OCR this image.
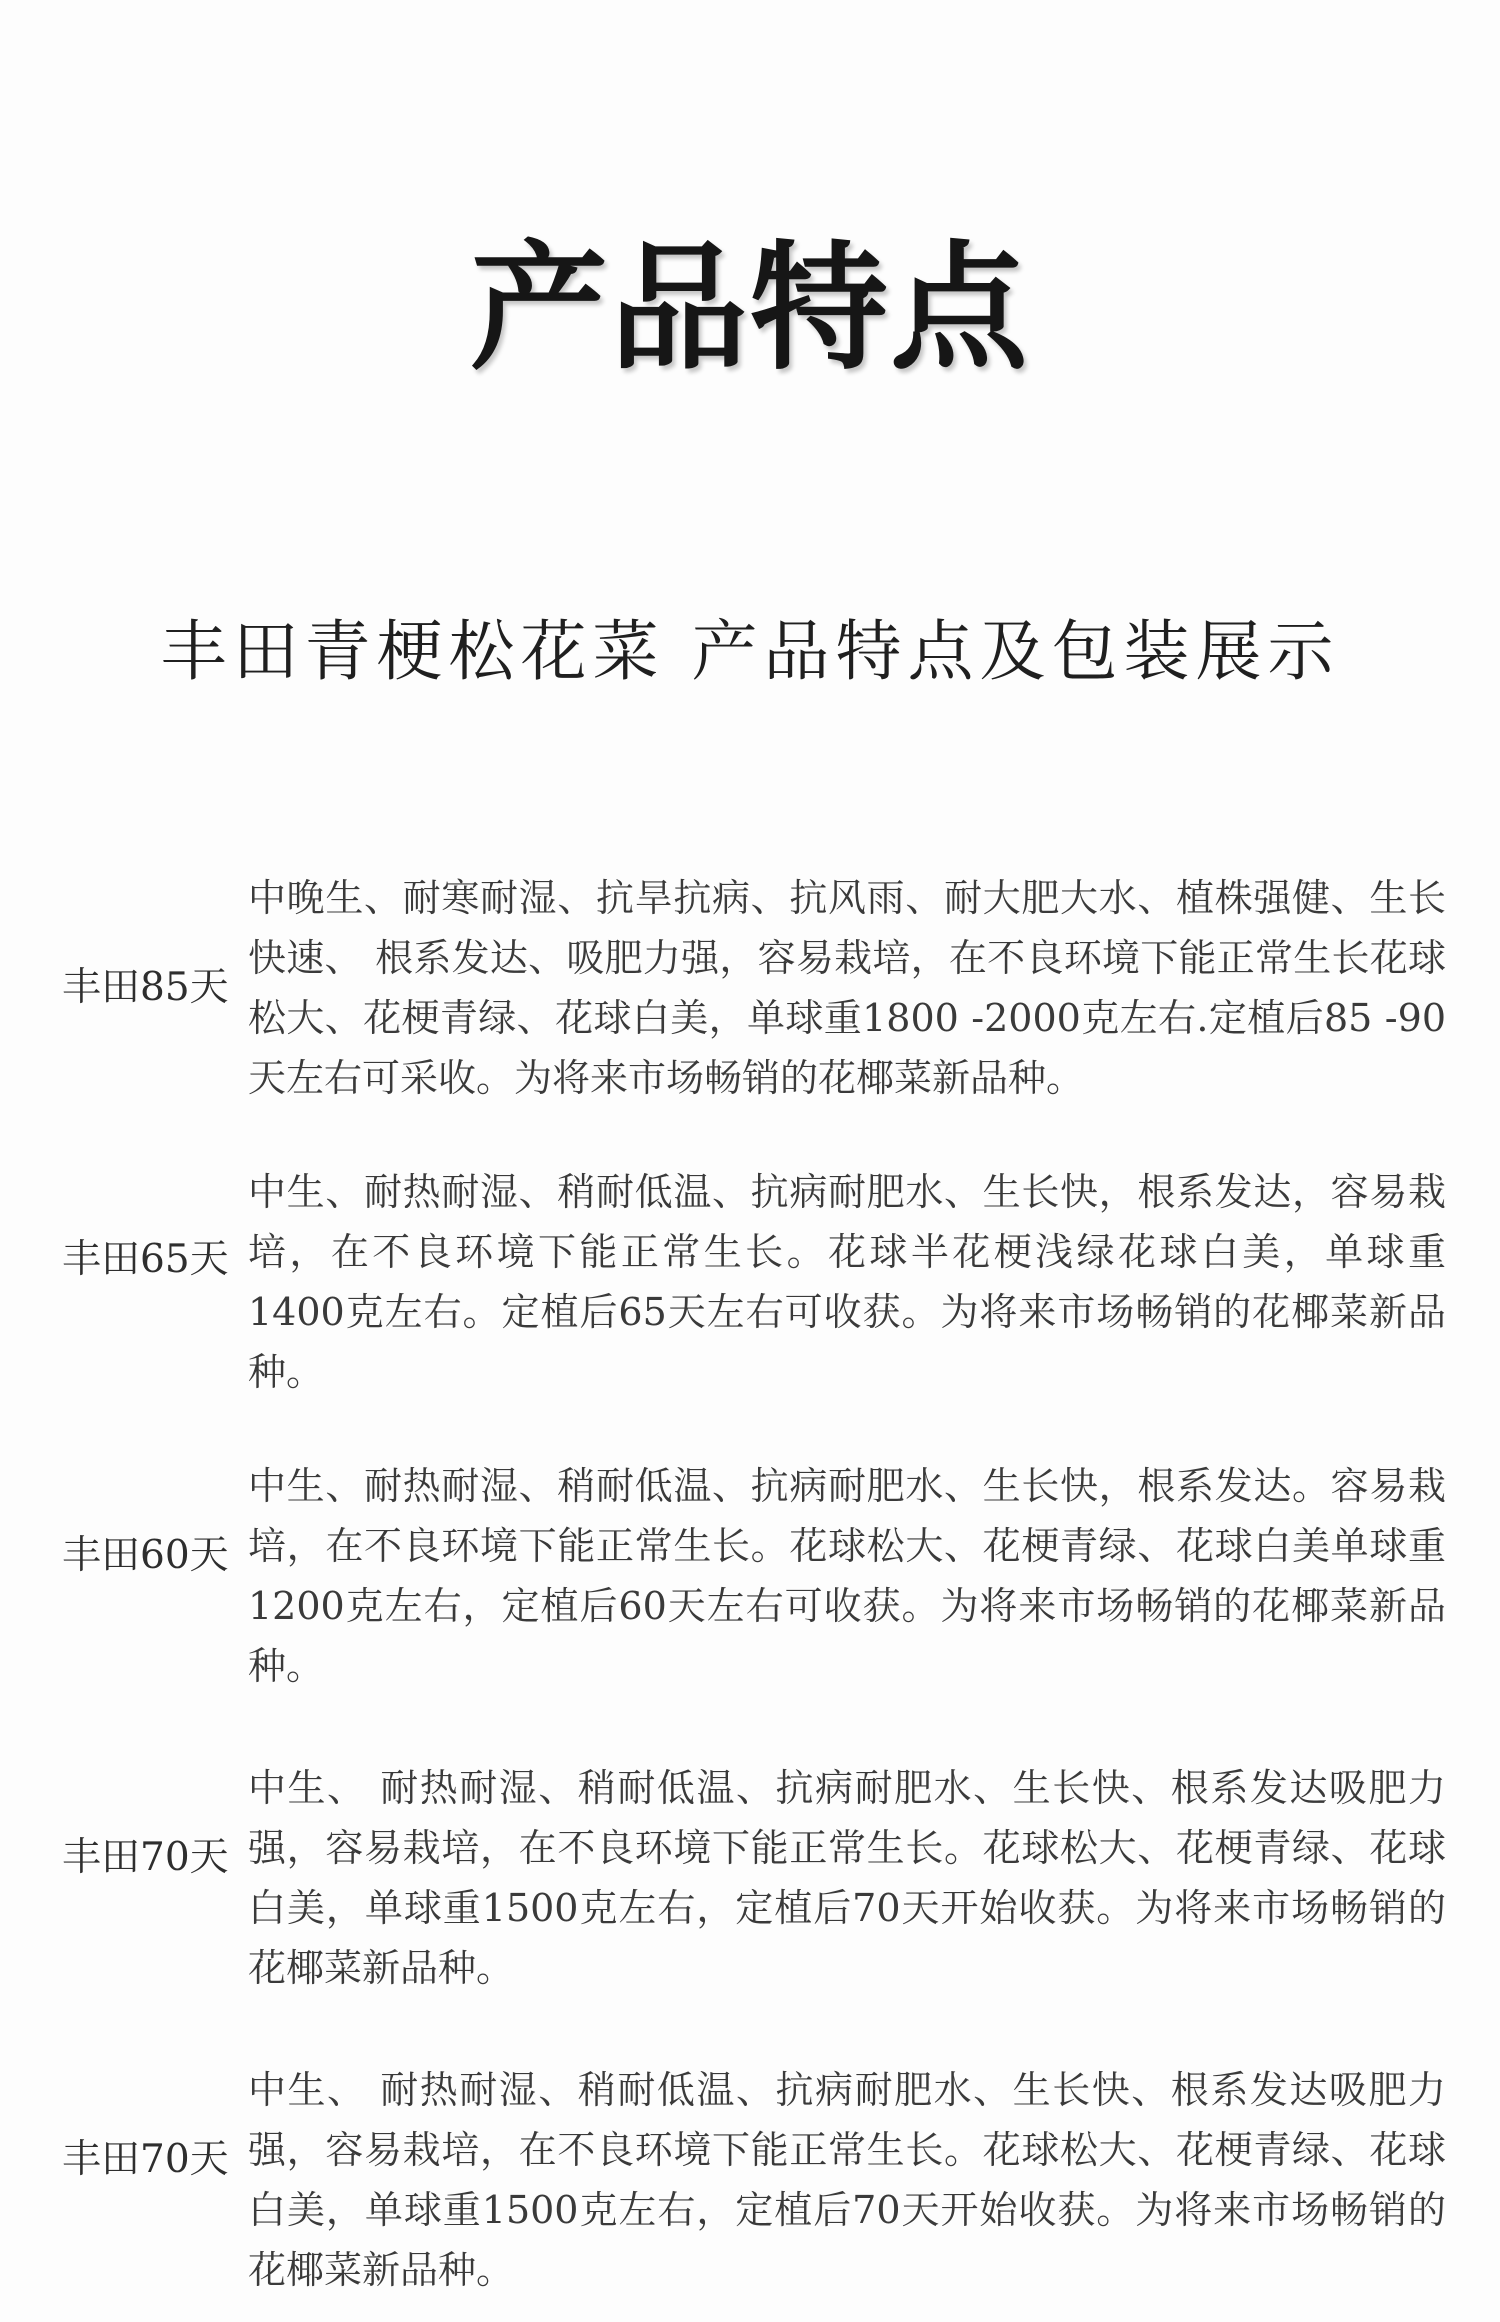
产品特点
丰田青梗松花菜 产品特点及包装展示
丰田85天

中晚生、耐寒耐湿、抗旱抗病、抗风雨、耐大肥大水、植株强健、生长快速、 根系发达、吸肥力强，容易栽培，在不良环境下能正常生长花球松大、花梗青绿、花球白美，单球重1800 -2000克左右.定植后85 -90天左右可采收。为将来市场畅销的花椰菜新品种。

丰田65天

中生、耐热耐湿、稍耐低温、抗病耐肥水、生长快，根系发达，容易栽培，在不良环境下能正常生长。花球半花梗浅绿花球白美，单球重1400克左右。定植后65天左右可收获。为将来市场畅销的花椰菜新品种。

丰田60天

中生、耐热耐湿、稍耐低温、抗病耐肥水、生长快，根系发达。容易栽培，在不良环境下能正常生长。花球松大、花梗青绿、花球白美单球重1200克左右，定植后60天左右可收获。为将来市场畅销的花椰菜新品种。

丰田70天

中生、 耐热耐湿、稍耐低温、抗病耐肥水、生长快、根系发达吸肥力强，容易栽培，在不良环境下能正常生长。花球松大、花梗青绿、花球白美，单球重1500克左右，定植后70天开始收获。为将来市场畅销的花椰菜新品种。

丰田70天

中生、 耐热耐湿、稍耐低温、抗病耐肥水、生长快、根系发达吸肥力强，容易栽培，在不良环境下能正常生长。花球松大、花梗青绿、花球白美，单球重1500克左右，定植后70天开始收获。为将来市场畅销的花椰菜新品种。
